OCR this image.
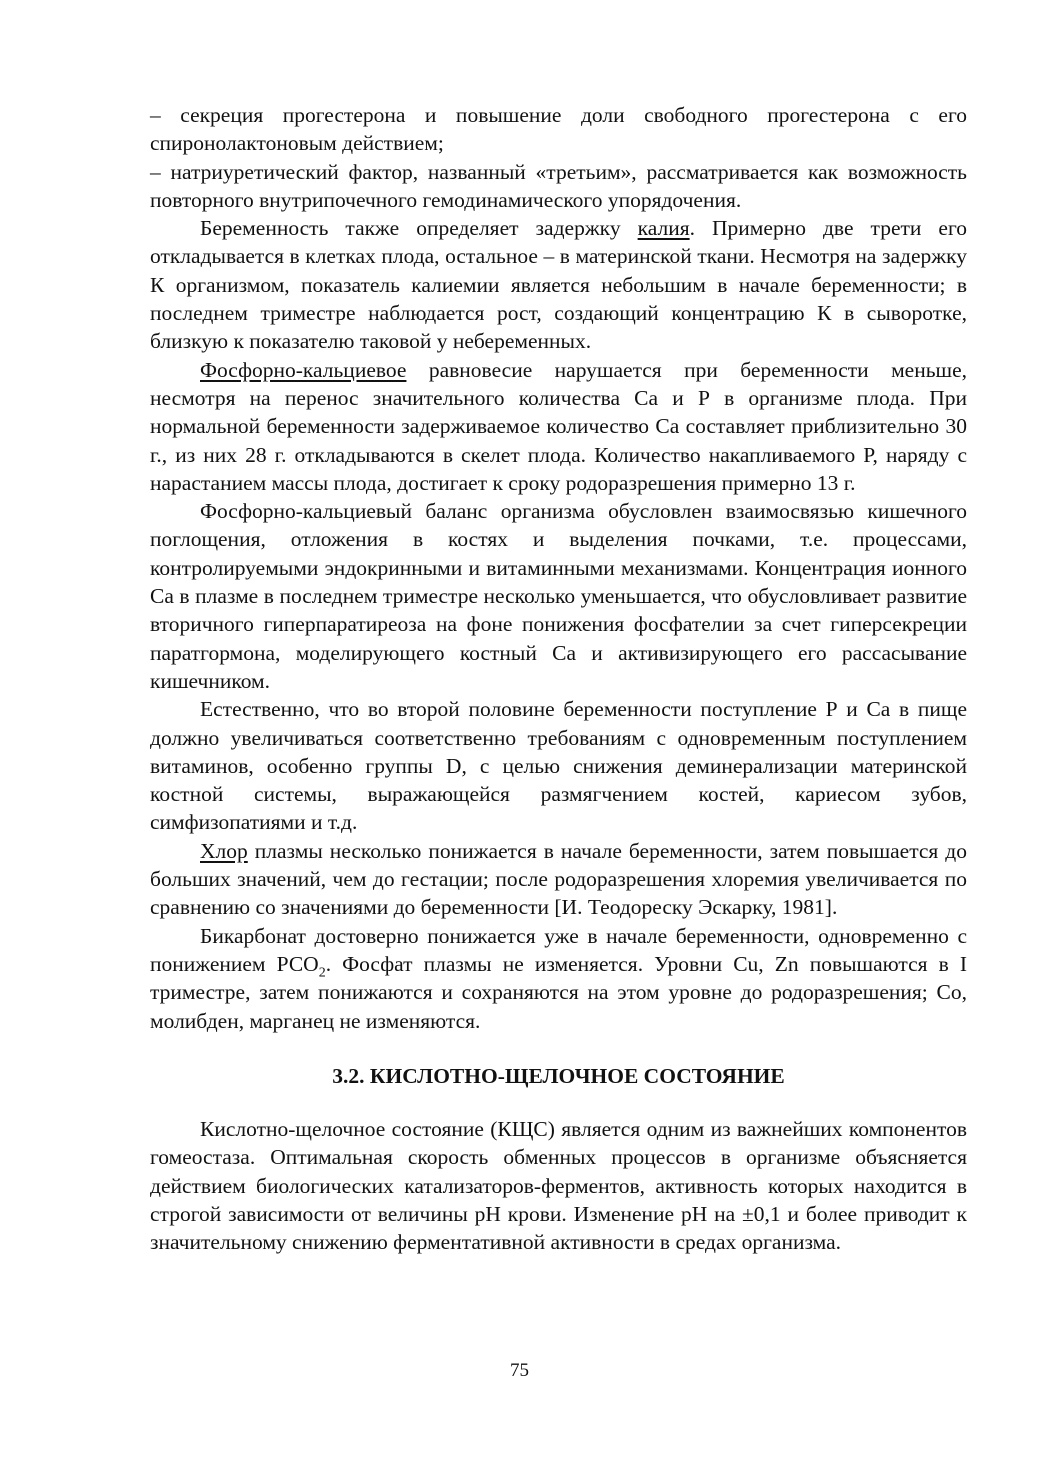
– секреция прогестерона и повышение доли свободного прогестерона с его спиронолактоновым действием;

– натриуретический фактор, названный «третьим», рассматривается как возможность повторного внутрипочечного гемодинамического упорядочения.

Беременность также определяет задержку калия. Примерно две трети его откладывается в клетках плода, остальное – в материнской ткани. Несмотря на задержку К организмом, показатель калиемии является небольшим в начале беременности; в последнем триместре наблюдается рост, создающий концентрацию К в сыворотке, близкую к показателю таковой у небеременных.

Фосфорно-кальциевое равновесие нарушается при беременности меньше, несмотря на перенос значительного количества Са и Р в организме плода. При нормальной беременности задерживаемое количество Са составляет приблизительно 30 г., из них 28 г. откладываются в скелет плода. Количество накапливаемого Р, наряду с нарастанием массы плода, достигает к сроку родоразрешения примерно 13 г.

Фосфорно-кальциевый баланс организма обусловлен взаимосвязью кишечного поглощения, отложения в костях и выделения почками, т.е. процессами, контролируемыми эндокринными и витаминными механизмами. Концентрация ионного Са в плазме в последнем триместре несколько уменьшается, что обусловливает развитие вторичного гиперпаратиреоза на фоне понижения фосфателии за счет гиперсекреции паратгормона, моделирующего костный Са и активизирующего его рассасывание кишечником.

Естественно, что во второй половине беременности поступление Р и Са в пище должно увеличиваться соответственно требованиям с одновременным поступлением витаминов, особенно группы D, с целью снижения деминерализации материнской костной системы, выражающейся размягчением костей, кариесом зубов, симфизопатиями и т.д.

Хлор плазмы несколько понижается в начале беременности, затем повышается до больших значений, чем до гестации; после родоразрешения хлоремия увеличивается по сравнению со значениями до беременности [И. Теодореску Эскарку, 1981].

Бикарбонат достоверно понижается уже в начале беременности, одновременно с понижением $РСО_2$. Фосфат плазмы не изменяется. Уровни Cu, Zn повышаются в I триместре, затем понижаются и сохраняются на этом уровне до родоразрешения; Со, молибден, марганец не изменяются.

3.2. КИСЛОТНО-ЩЕЛОЧНОЕ СОСТОЯНИЕ

Кислотно-щелочное состояние (КЩС) является одним из важнейших компонентов гомеостаза. Оптимальная скорость обменных процессов в организме объясняется действием биологических катализаторов-ферментов, активность которых находится в строгой зависимости от величины рН крови. Изменение рН на ±0,1 и более приводит к значительному снижению ферментативной активности в средах организма.

75
